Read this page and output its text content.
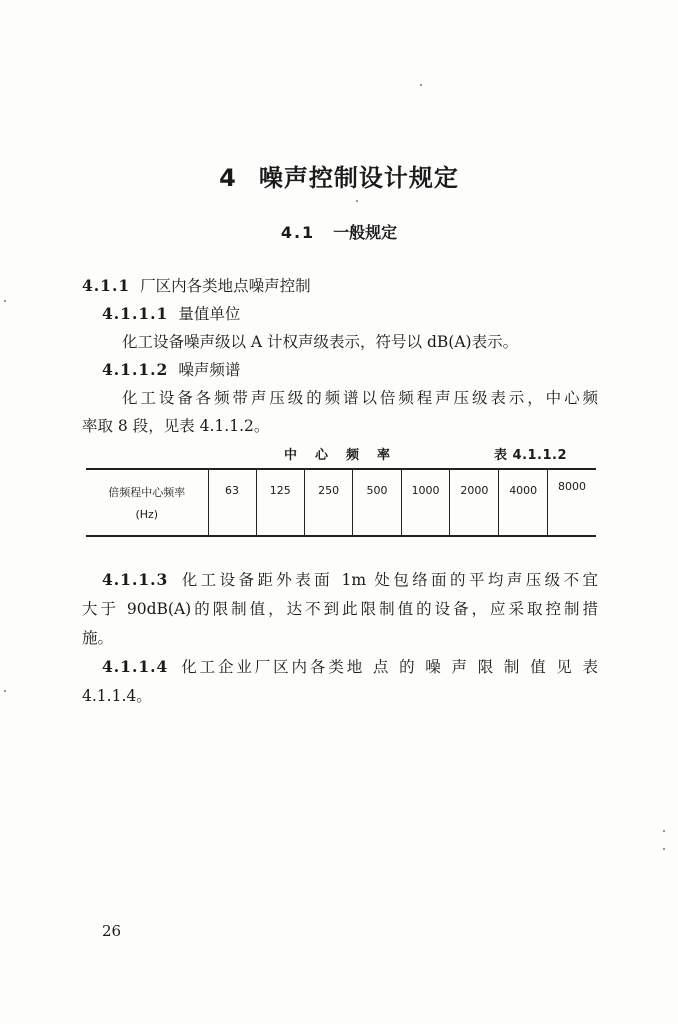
4 噪声控制设计规定
4.1 一般规定
4.1.1 厂区内各类地点噪声控制
4.1.1.1 量值单位
化工设备噪声级以 A 计权声级表示，符号以 dB(A)表示。
4.1.1.2 噪声频谱
化工设备各频带声压级的频谱以倍频程声压级表示，中心频
率取 8 段，见表 4.1.1.2。
中心频率	表 4.1.1.2
倍频程中心频率
(Hz)
	63	125	250	500	1000	2000	4000	8000
4.1.1.3 化工设备距外表面 1m 处包络面的平均声压级不宜
大于 90dB(A)的限制值，达不到此限制值的设备，应采取控制措
施。
4.1.1.4 化工企业厂区内各类地 点 的 噪 声 限 制 值 见 表
4.1.1.4。
26
